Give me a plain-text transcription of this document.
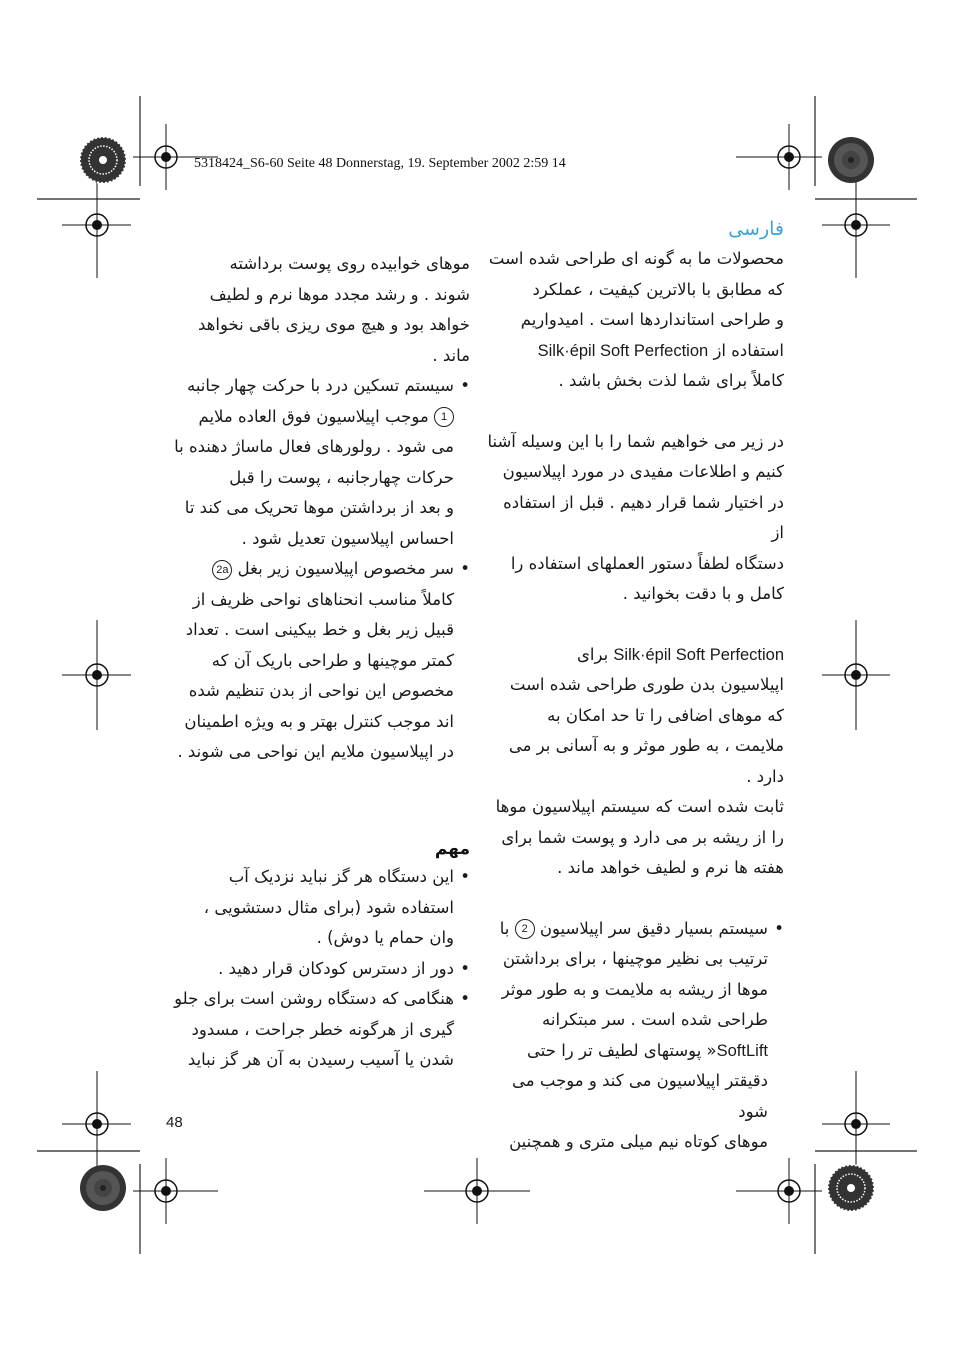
5318424_S6-60 Seite 48 Donnerstag, 19. September 2002 2:59 14
فارسی

محصولات ما به گونه ای طراحی شده است

که مطابق با بالاترین کیفیت ، عملکرد

و طراحی استانداردها است . امیدواریم

استفاده از Silk·épil Soft Perfection

کاملاً برای شما لذت بخش باشد .

در زیر می خواهیم شما را با این وسیله آشنا

کنیم و اطلاعات مفیدی در مورد اپیلاسیون

در اختیار شما قرار دهیم . قبل از استفاده از

دستگاه لطفاً دستور العملهای استفاده را

کامل و با دقت بخوانید .

Silk·épil Soft Perfection برای

اپیلاسیون بدن طوری طراحی شده است

که موهای اضافی را تا حد امکان به

ملایمت ، به طور موثر و به آسانی بر می دارد .

ثابت شده است که سیستم اپیلاسیون موها

را از ریشه بر می دارد و پوست شما برای

هفته ها نرم و لطیف خواهد ماند .

• سیستم بسیار دقیق سر اپیلاسیون 2 با

ترتیب بی نظیر موچینها ، برای برداشتن

موها از ریشه به ملایمت و به طور موثر

طراحی شده است . سر مبتکرانه

SoftLift« پوستهای لطیف تر را حتی

دقیقتر اپیلاسیون می کند و موجب می شود

موهای کوتاه نیم میلی متری و همچنین

موهای خوابیده روی پوست برداشته

شوند . و رشد مجدد موها نرم و لطیف

خواهد بود و هیچ موی ریزی باقی نخواهد

ماند .

• سیستم تسکین درد با حرکت چهار جانبه

1 موجب اپیلاسیون فوق العاده ملایم

می شود . رولورهای فعال ماساژ دهنده با

حرکات چهارجانبه ، پوست را قبل

و بعد از برداشتن موها تحریک می کند تا

احساس اپیلاسیون تعدیل شود .

• سر مخصوص اپیلاسیون زیر بغل 2a

کاملاً مناسب انحناهای نواحی ظریف از

قبیل زیر بغل و خط بیکینی است . تعداد

کمتر موچینها و طراحی باریک آن که

مخصوص این نواحی از بدن تنظیم شده

اند موجب کنترل بهتر و به ویژه اطمینان

در اپیلاسیون ملایم این نواحی می شوند .

مهم

• این دستگاه هر گز نباید نزدیک آب

استفاده شود (برای مثال دستشویی ،

وان حمام یا دوش) .

• دور از دسترس کودکان قرار دهید .

• هنگامی که دستگاه روشن است برای جلو

گیری از هرگونه خطر جراحت ، مسدود

شدن یا آسیب رسیدن به آن هر گز نباید

48
